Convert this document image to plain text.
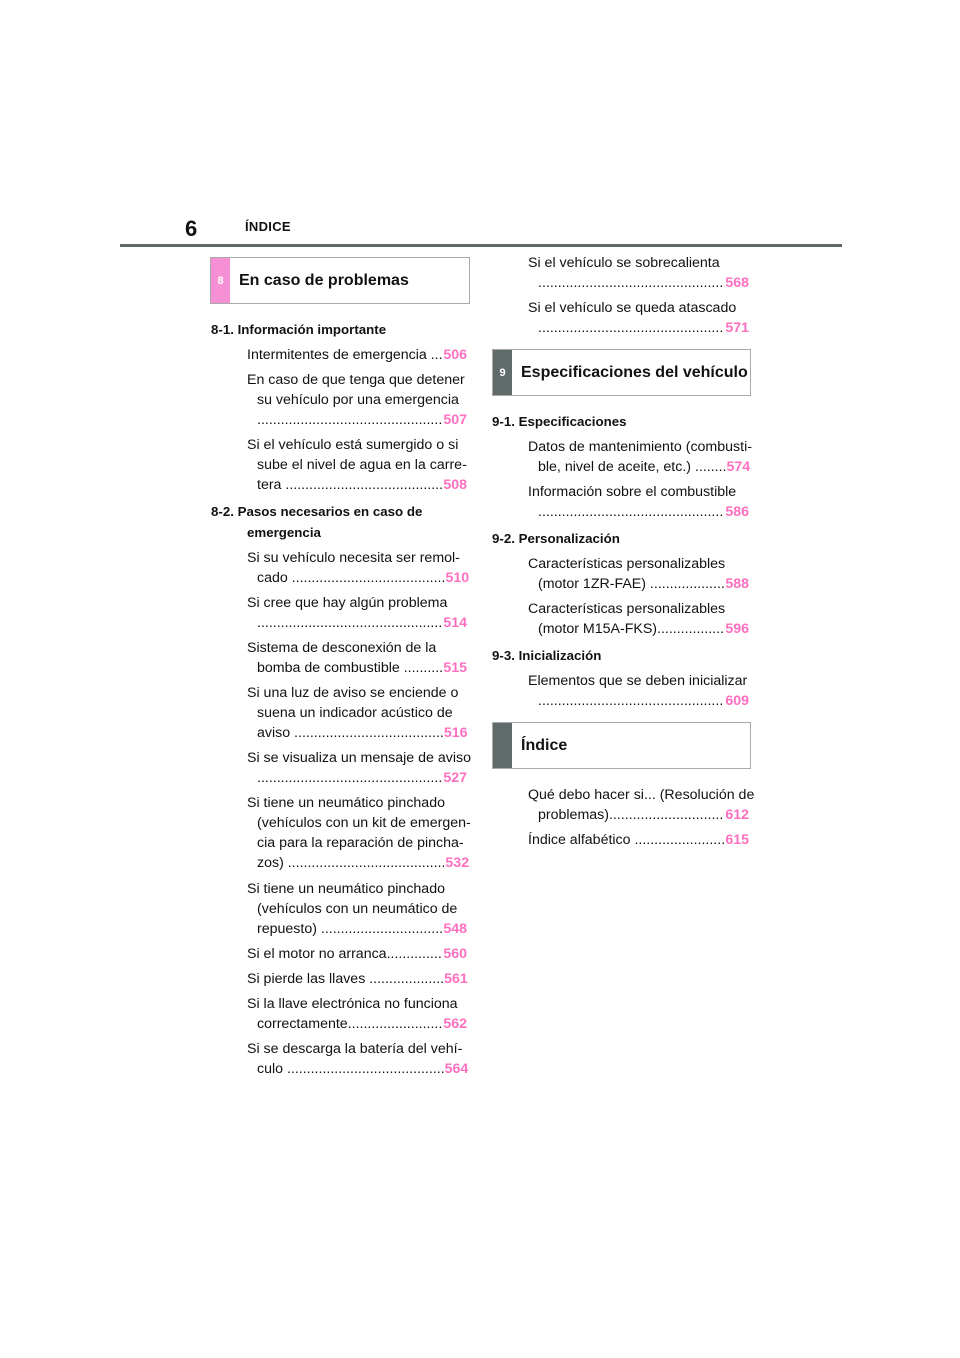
6	ÍNDICE
8 En caso de problemas
8-1. Información importante
Intermitentes de emergencia ... 506
En caso de que tenga que detener
su vehículo por una emergencia
............................................... 507
Si el vehículo está sumergido o si
sube el nivel de agua en la carre-
tera ........................................ 508
8-2. Pasos necesarios en caso de
emergencia
Si su vehículo necesita ser remol-
cado ....................................... 510
Si cree que hay algún problema
............................................... 514
Sistema de desconexión de la
bomba de combustible .......... 515
Si una luz de aviso se enciende o
suena un indicador acústico de
aviso ...................................... 516
Si se visualiza un mensaje de aviso
............................................... 527
Si tiene un neumático pinchado
(vehículos con un kit de emergen-
cia para la reparación de pincha-
zos) ........................................ 532
Si tiene un neumático pinchado
(vehículos con un neumático de
repuesto) ............................... 548
Si el motor no arranca.............. 560
Si pierde las llaves ................... 561
Si la llave electrónica no funciona
correctamente........................ 562
Si se descarga la batería del vehí-
culo ........................................ 564
Si el vehículo se sobrecalienta
............................................... 568
Si el vehículo se queda atascado
............................................... 571
9 Especificaciones del vehículo
9-1. Especificaciones
Datos de mantenimiento (combusti-
ble, nivel de aceite, etc.) ........ 574
Información sobre el combustible
............................................... 586
9-2. Personalización
Características personalizables
(motor 1ZR-FAE) ................... 588
Características personalizables
(motor M15A-FKS)................. 596
9-3. Inicialización
Elementos que se deben inicializar
............................................... 609
Índice
Qué debo hacer si... (Resolución de
problemas)............................. 612
Índice alfabético ....................... 615
